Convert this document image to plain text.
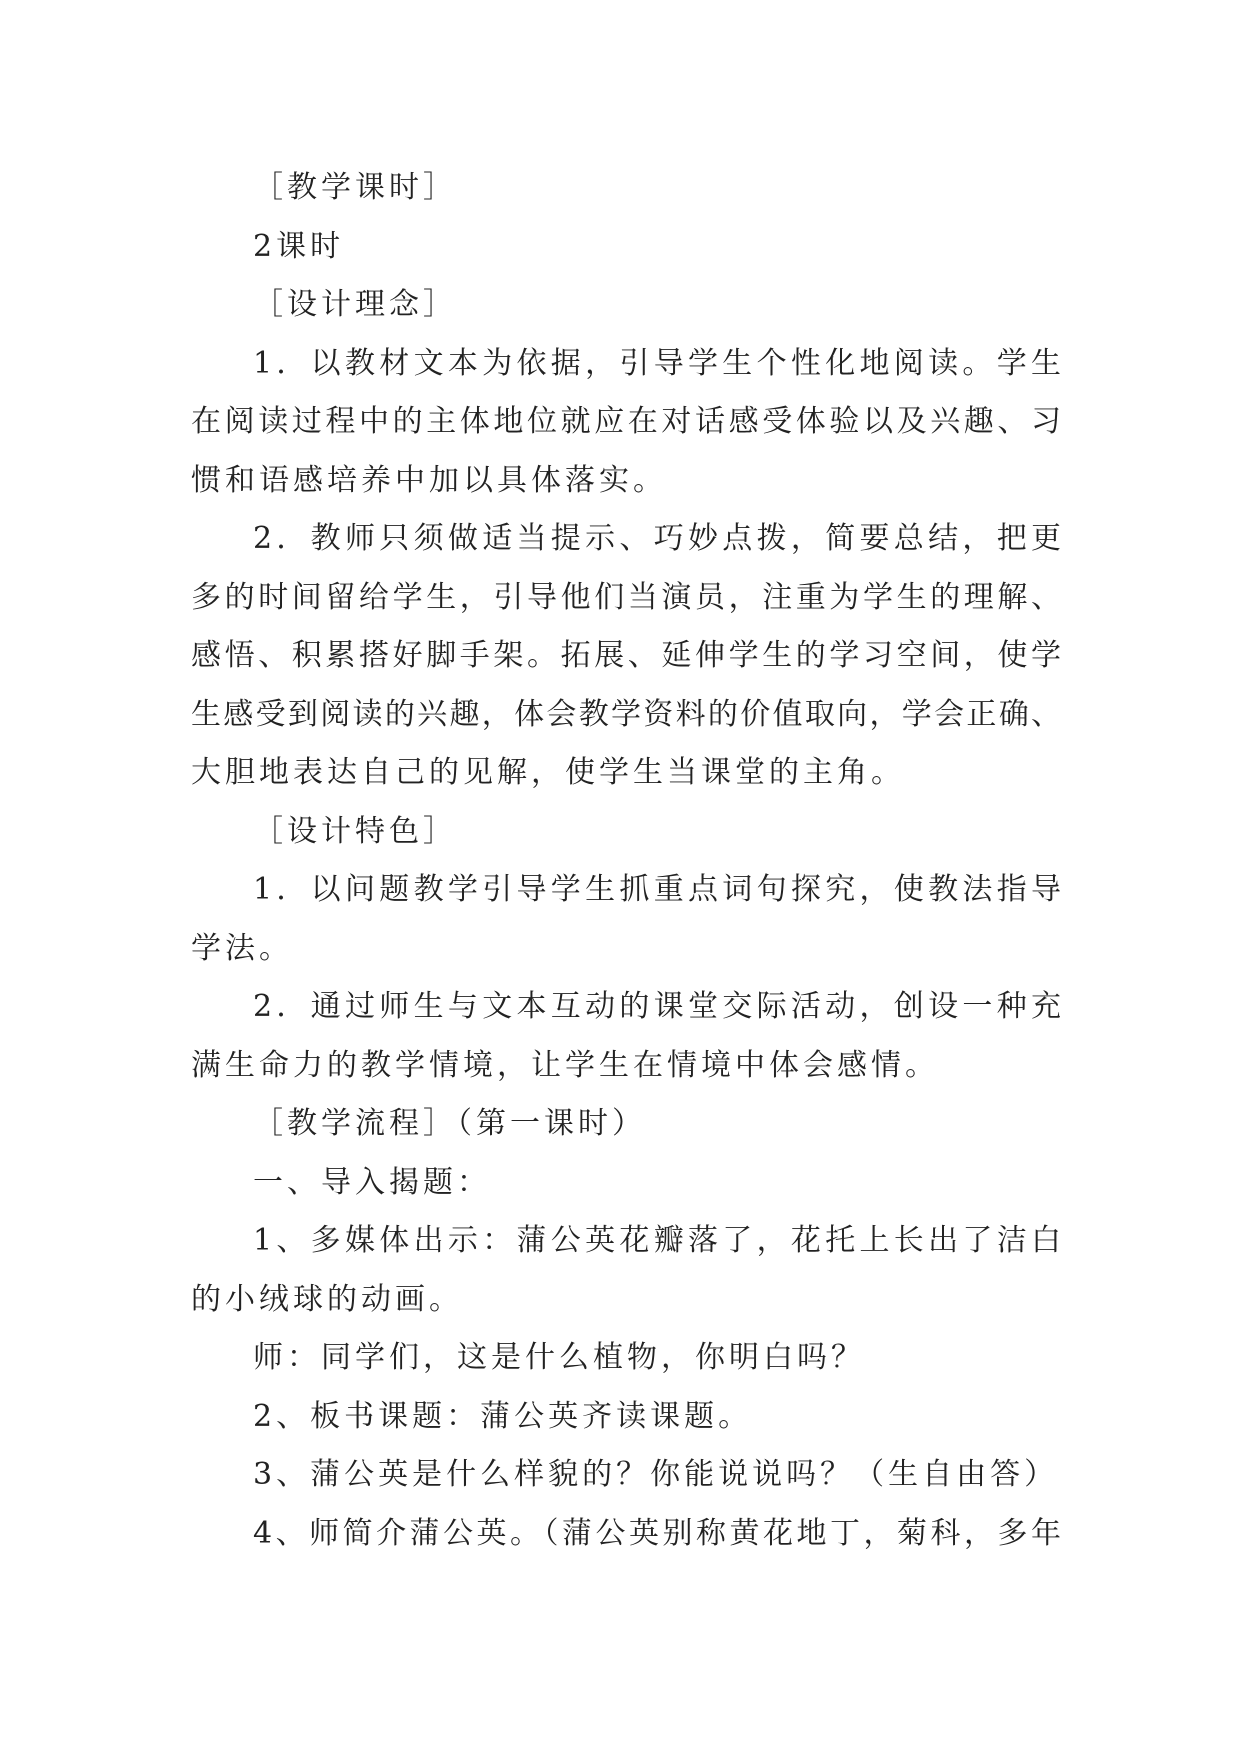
［教学课时］
2课时
［设计理念］
1．以教材文本为依据，引导学生个性化地阅读。学生
在阅读过程中的主体地位就应在对话感受体验以及兴趣、习
惯和语感培养中加以具体落实。
2．教师只须做适当提示、巧妙点拨，简要总结，把更
多的时间留给学生，引导他们当演员，注重为学生的理解、
感悟、积累搭好脚手架。拓展、延伸学生的学习空间，使学
生感受到阅读的兴趣，体会教学资料的价值取向，学会正确、
大胆地表达自己的见解，使学生当课堂的主角。
［设计特色］
1．以问题教学引导学生抓重点词句探究，使教法指导
学法。
2．通过师生与文本互动的课堂交际活动，创设一种充
满生命力的教学情境，让学生在情境中体会感情。
［教学流程］（第一课时）
一、导入揭题：
1、多媒体出示：蒲公英花瓣落了，花托上长出了洁白
的小绒球的动画。
师：同学们，这是什么植物，你明白吗？
2、板书课题：蒲公英齐读课题。
3、蒲公英是什么样貌的？你能说说吗？（生自由答）
4、师简介蒲公英。（蒲公英别称黄花地丁，菊科，多年
